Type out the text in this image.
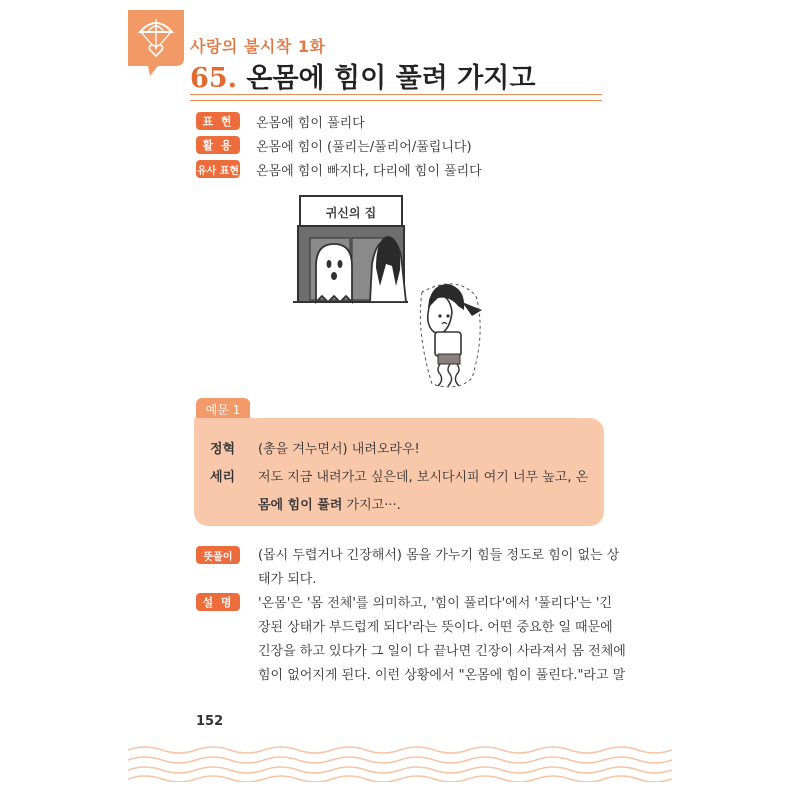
사랑의 불시착 1화
65. 온몸에 힘이 풀려 가지고
표 현	온몸에 힘이 풀리다
활 용	온몸에 힘이 (풀리는/풀리어/풀립니다)
유사 표현 온몸에 힘이 빠지다, 다리에 힘이 풀리다
귀신의 집
예문 1
정혁 (총을 겨누면서) 내려오라우!
세리 저도 지금 내려가고 싶은데, 보시다시피 여기 너무 높고, 온
몸에 힘이 풀려 가지고···.
뜻풀이	(몹시 두렵거나 긴장해서) 몸을 가누기 힘들 정도로 힘이 없는 상
태가 되다.
설 명	'온몸'은 '몸 전체'를 의미하고, '힘이 풀리다'에서 '풀리다'는 '긴
장된 상태가 부드럽게 되다'라는 뜻이다. 어떤 중요한 일 때문에
긴장을 하고 있다가 그 일이 다 끝나면 긴장이 사라져서 몸 전체에
힘이 없어지게 된다. 이런 상황에서 "온몸에 힘이 풀린다."라고 말
152
